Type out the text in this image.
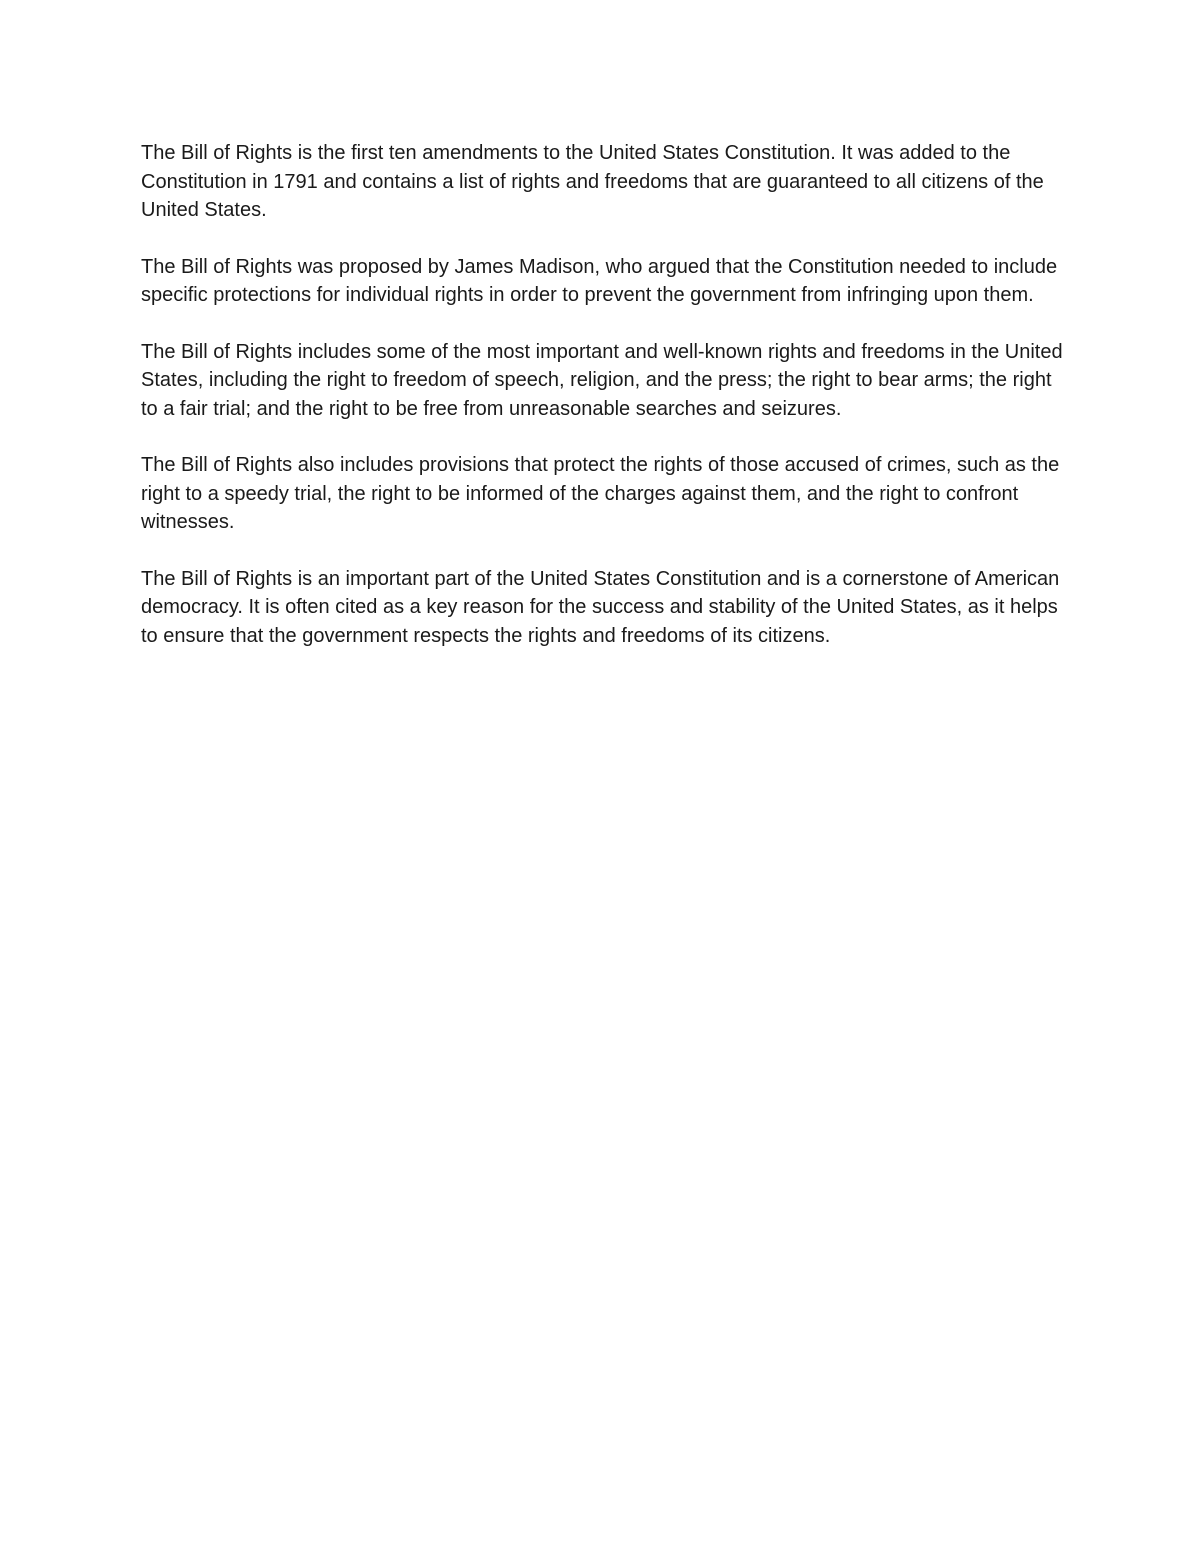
The Bill of Rights is the first ten amendments to the United States Constitution. It was added to the Constitution in 1791 and contains a list of rights and freedoms that are guaranteed to all citizens of the United States.

The Bill of Rights was proposed by James Madison, who argued that the Constitution needed to include specific protections for individual rights in order to prevent the government from infringing upon them.

The Bill of Rights includes some of the most important and well-known rights and freedoms in the United States, including the right to freedom of speech, religion, and the press; the right to bear arms; the right to a fair trial; and the right to be free from unreasonable searches and seizures.

The Bill of Rights also includes provisions that protect the rights of those accused of crimes, such as the right to a speedy trial, the right to be informed of the charges against them, and the right to confront witnesses.

The Bill of Rights is an important part of the United States Constitution and is a cornerstone of American democracy. It is often cited as a key reason for the success and stability of the United States, as it helps to ensure that the government respects the rights and freedoms of its citizens.
